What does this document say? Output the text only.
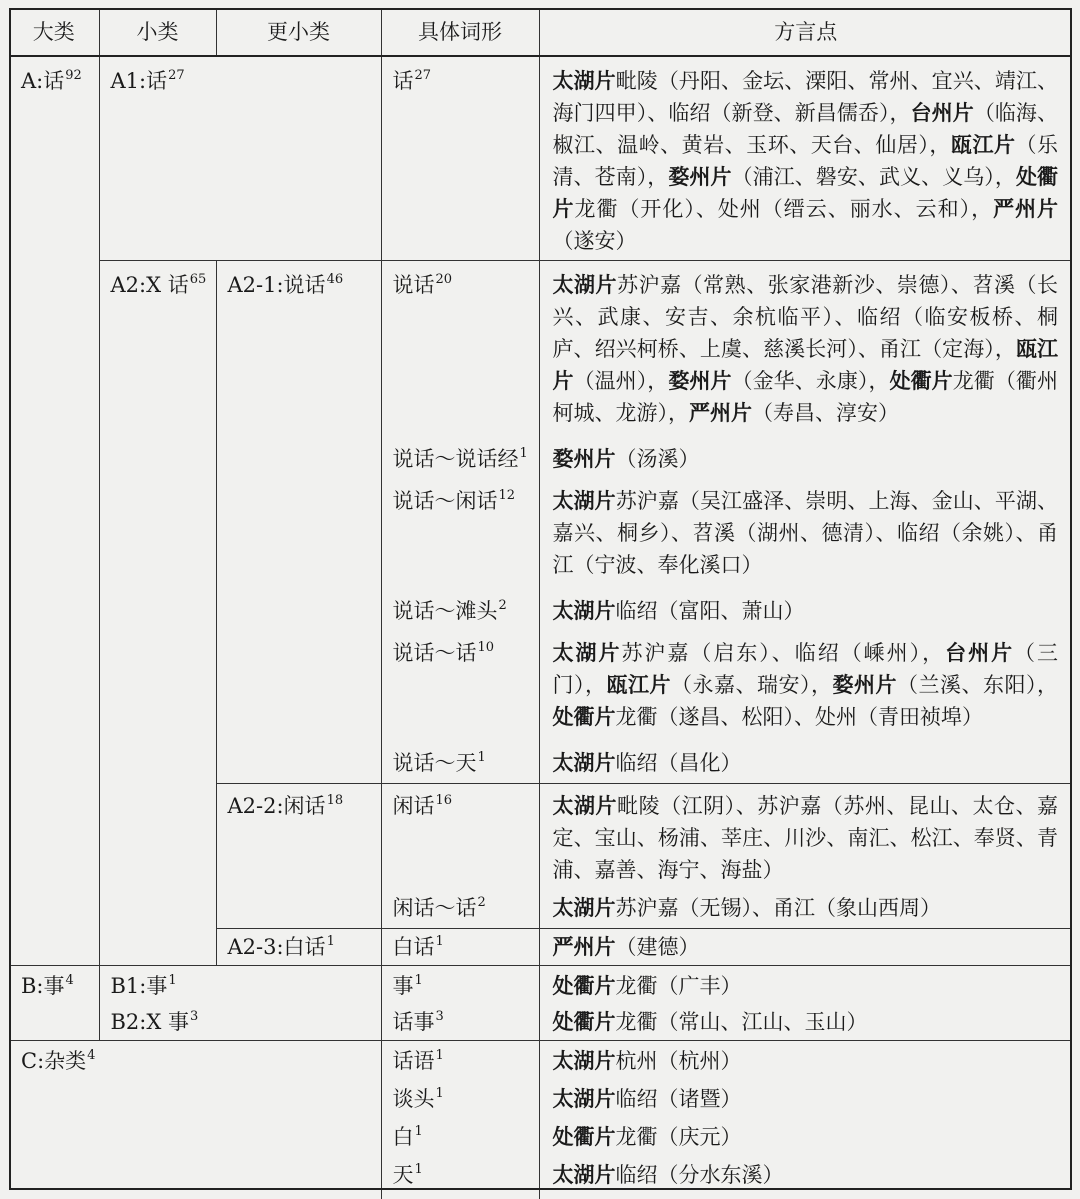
大类	小类	更小类	具体词形	方言点
A:话$^{92}$	A1:话$^{27}$		话$^{27}$	太湖片毗陵（丹阳、金坛、溧阳、常州、宜兴、靖江、海门四甲）、临绍（新登、新昌儒岙），台州片（临海、椒江、温岭、黄岩、玉环、天台、仙居），瓯江片（乐清、苍南），婺州片（浦江、磐安、武义、义乌），处衢片龙衢（开化）、处州（缙云、丽水、云和），严州片（遂安）
	A2:X 话$^{65}$	A2-1:说话$^{46}$	说话$^{20}$	太湖片苏沪嘉（常熟、张家港新沙、崇德）、苕溪（长兴、武康、安吉、余杭临平）、临绍（临安板桥、桐庐、绍兴柯桥、上虞、慈溪长河）、甬江（定海），瓯江片（温州），婺州片（金华、永康），处衢片龙衢（衢州柯城、龙游），严州片（寿昌、淳安）
			说话～说话经$^1$	婺州片（汤溪）
			说话～闲话$^{12}$	太湖片苏沪嘉（吴江盛泽、崇明、上海、金山、平湖、嘉兴、桐乡）、苕溪（湖州、德清）、临绍（余姚）、甬江（宁波、奉化溪口）
			说话～滩头$^2$	太湖片临绍（富阳、萧山）
			说话～话$^{10}$	太湖片苏沪嘉（启东）、临绍（嵊州），台州片（三门），瓯江片（永嘉、瑞安），婺州片（兰溪、东阳），处衢片龙衢（遂昌、松阳）、处州（青田祯埠）
			说话～天$^1$	太湖片临绍（昌化）
		A2-2:闲话$^{18}$	闲话$^{16}$	太湖片毗陵（江阴）、苏沪嘉（苏州、昆山、太仓、嘉定、宝山、杨浦、莘庄、川沙、南汇、松江、奉贤、青浦、嘉善、海宁、海盐）
			闲话～话$^2$	太湖片苏沪嘉（无锡）、甬江（象山西周）
		A2-3:白话$^1$	白话$^1$	严州片（建德）
B:事$^4$	B1:事$^1$		事$^1$	处衢片龙衢（广丰）
	B2:X 事$^3$		话事$^3$	处衢片龙衢（常山、江山、玉山）
C:杂类$^4$			话语$^1$	太湖片杭州（杭州）
			谈头$^1$	太湖片临绍（诸暨）
			白$^1$	处衢片龙衢（庆元）
			天$^1$	太湖片临绍（分水东溪）
